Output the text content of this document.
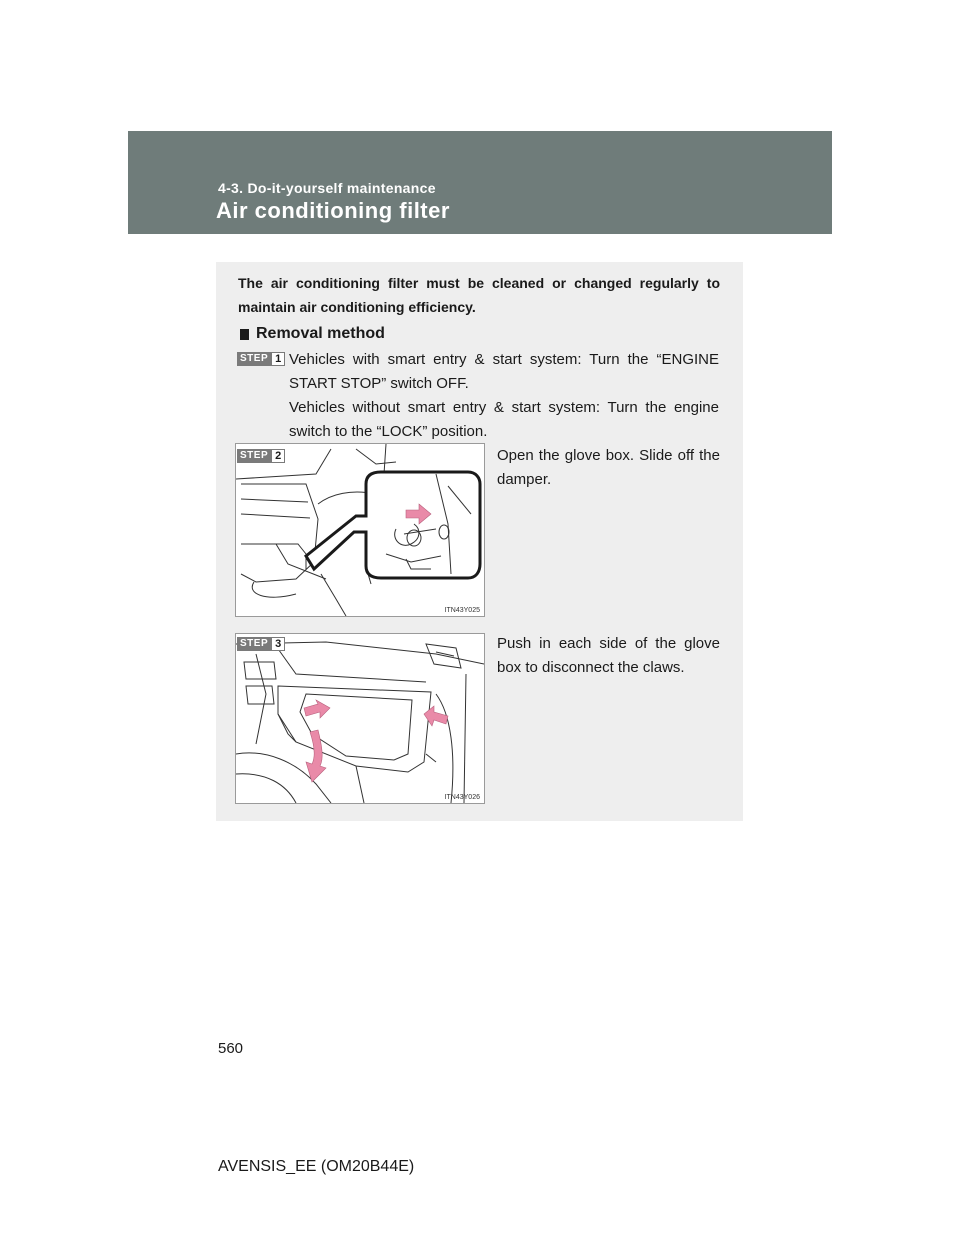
4-3. Do-it-yourself maintenance
Air conditioning filter
The air conditioning filter must be cleaned or changed regularly to maintain air conditioning efficiency.
Removal method
STEP 1 Vehicles with smart entry & start system: Turn the “ENGINE START STOP” switch OFF.
Vehicles without smart entry & start system: Turn the engine switch to the “LOCK” position.
ITN43Y025
STEP 2	Open the glove box. Slide off the damper.
ITN43Y026
STEP 3	Push in each side of the glove box to disconnect the claws.
560
AVENSIS_EE (OM20B44E)
